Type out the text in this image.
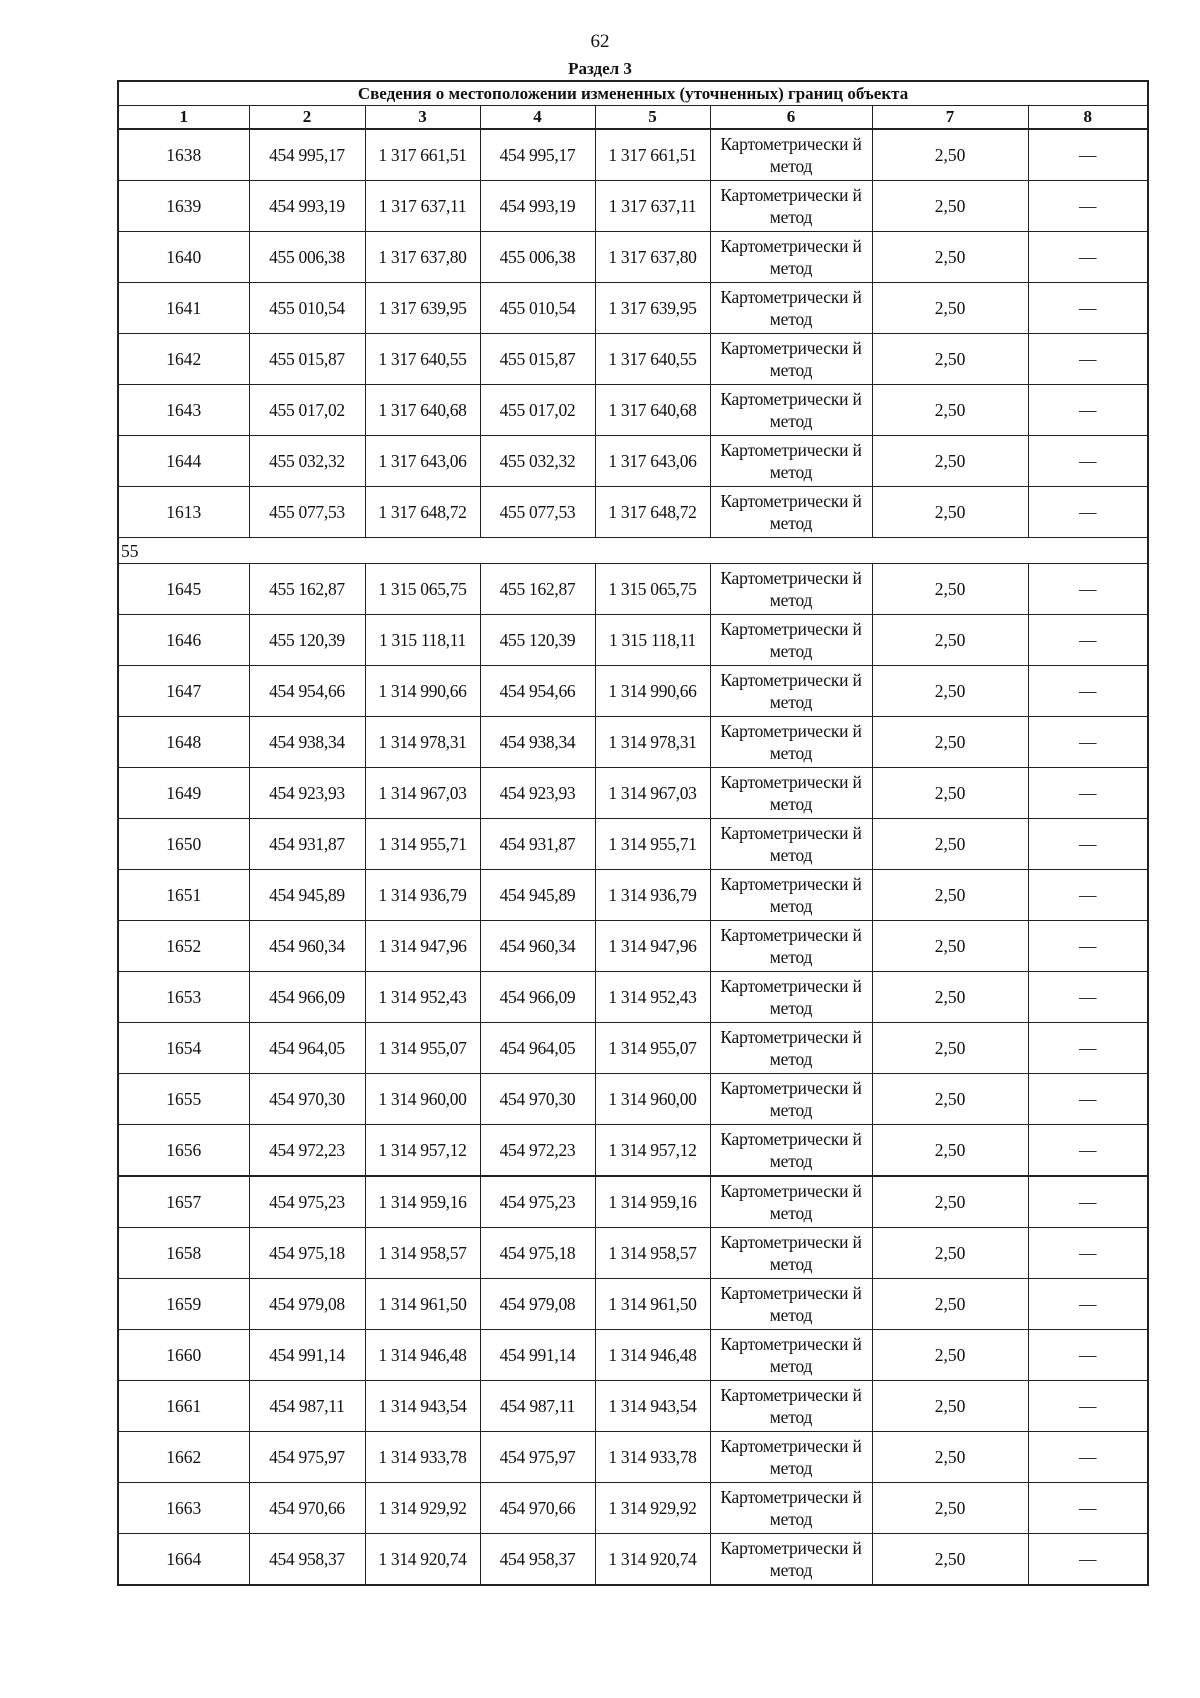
62
Раздел 3
Сведения о местоположении измененных (уточненных) границ объекта							
1	2	3	4	5	6	7	8
1638	454 995,17	1 317 661,51	454 995,17	1 317 661,51	Картометрически й метод	2,50	—
1639	454 993,19	1 317 637,11	454 993,19	1 317 637,11	Картометрически й метод	2,50	—
1640	455 006,38	1 317 637,80	455 006,38	1 317 637,80	Картометрически й метод	2,50	—
1641	455 010,54	1 317 639,95	455 010,54	1 317 639,95	Картометрически й метод	2,50	—
1642	455 015,87	1 317 640,55	455 015,87	1 317 640,55	Картометрически й метод	2,50	—
1643	455 017,02	1 317 640,68	455 017,02	1 317 640,68	Картометрически й метод	2,50	—
1644	455 032,32	1 317 643,06	455 032,32	1 317 643,06	Картометрически й метод	2,50	—
1613	455 077,53	1 317 648,72	455 077,53	1 317 648,72	Картометрически й метод	2,50	—
55							
1645	455 162,87	1 315 065,75	455 162,87	1 315 065,75	Картометрически й метод	2,50	—
1646	455 120,39	1 315 118,11	455 120,39	1 315 118,11	Картометрически й метод	2,50	—
1647	454 954,66	1 314 990,66	454 954,66	1 314 990,66	Картометрически й метод	2,50	—
1648	454 938,34	1 314 978,31	454 938,34	1 314 978,31	Картометрически й метод	2,50	—
1649	454 923,93	1 314 967,03	454 923,93	1 314 967,03	Картометрически й метод	2,50	—
1650	454 931,87	1 314 955,71	454 931,87	1 314 955,71	Картометрически й метод	2,50	—
1651	454 945,89	1 314 936,79	454 945,89	1 314 936,79	Картометрически й метод	2,50	—
1652	454 960,34	1 314 947,96	454 960,34	1 314 947,96	Картометрически й метод	2,50	—
1653	454 966,09	1 314 952,43	454 966,09	1 314 952,43	Картометрически й метод	2,50	—
1654	454 964,05	1 314 955,07	454 964,05	1 314 955,07	Картометрически й метод	2,50	—
1655	454 970,30	1 314 960,00	454 970,30	1 314 960,00	Картометрически й метод	2,50	—
1656	454 972,23	1 314 957,12	454 972,23	1 314 957,12	Картометрически й метод	2,50	—
1657	454 975,23	1 314 959,16	454 975,23	1 314 959,16	Картометрически й метод	2,50	—
1658	454 975,18	1 314 958,57	454 975,18	1 314 958,57	Картометрически й метод	2,50	—
1659	454 979,08	1 314 961,50	454 979,08	1 314 961,50	Картометрически й метод	2,50	—
1660	454 991,14	1 314 946,48	454 991,14	1 314 946,48	Картометрически й метод	2,50	—
1661	454 987,11	1 314 943,54	454 987,11	1 314 943,54	Картометрически й метод	2,50	—
1662	454 975,97	1 314 933,78	454 975,97	1 314 933,78	Картометрически й метод	2,50	—
1663	454 970,66	1 314 929,92	454 970,66	1 314 929,92	Картометрически й метод	2,50	—
1664	454 958,37	1 314 920,74	454 958,37	1 314 920,74	Картометрически й метод	2,50	—
